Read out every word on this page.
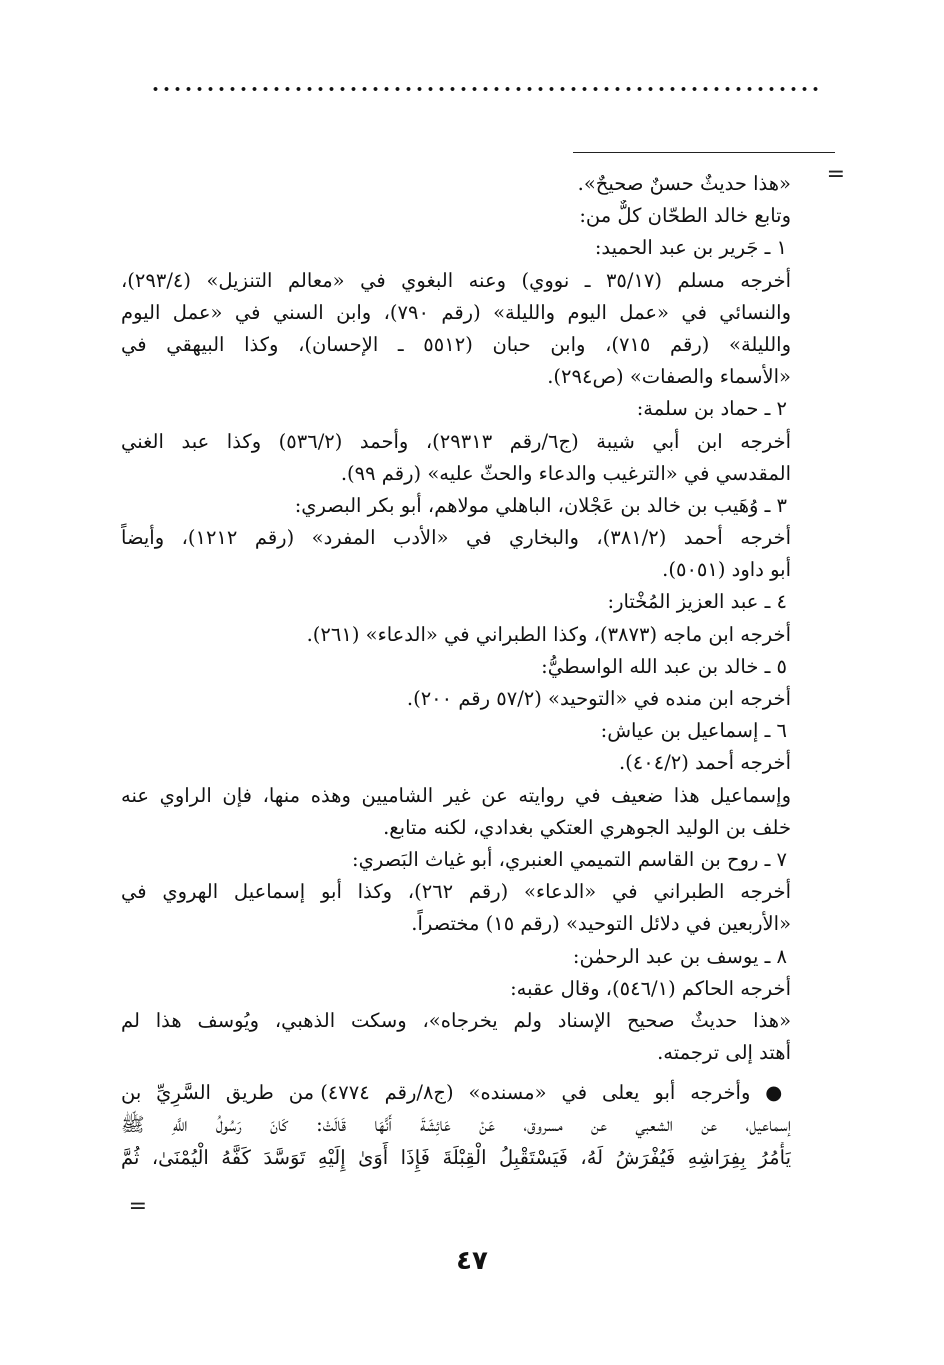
=
=
«هذا حديثٌ حسنٌ صحيحٌ».
وتابع خالد الطحّان كلٌّ من:
١ ـ جَرير بن عبد الحميد:
أخرجه مسلم (٣٥/١٧ ـ نووي) وعنه البغوي في «معالم التنزيل» (٢٩٣/٤)،
والنسائي في «عمل اليوم والليلة» (رقم ٧٩٠)، وابن السني في «عمل اليوم
والليلة» (رقم ٧١٥)، وابن حبان (٥٥١٢ ـ الإحسان)، وكذا البيهقي في
«الأسماء والصفات» (ص٢٩٤).
٢ ـ حماد بن سلمة:
أخرجه ابن أبي شيبة (ج٦/رقم ٢٩٣١٣)، وأحمد (٥٣٦/٢) وكذا عبد الغني
المقدسي في «الترغيب والدعاء والحثّ عليه» (رقم ٩٩).
٣ ـ وُهَيب بن خالد بن عَجْلان، الباهلي مولاهم، أبو بكر البصري:
أخرجه أحمد (٣٨١/٢)، والبخاري في «الأدب المفرد» (رقم ١٢١٢)، وأيضاً
أبو داود (٥٠٥١).
٤ ـ عبد العزيز المُخْتار:
أخرجه ابن ماجه (٣٨٧٣)، وكذا الطبراني في «الدعاء» (٢٦١).
٥ ـ خالد بن عبد الله الواسطيُّ:
أخرجه ابن منده في «التوحيد» (٥٧/٢ رقم ٢٠٠).
٦ ـ إسماعيل بن عياش:
أخرجه أحمد (٤٠٤/٢).
وإسماعيل هذا ضعيف في روايته عن غير الشاميين وهذه منها، فإن الراوي عنه
خلف بن الوليد الجوهري العتكي بغدادي، لكنه متابع.
٧ ـ روح بن القاسم التميمي العنبري، أبو غياث البَصري:
أخرجه الطبراني في «الدعاء» (رقم ٢٦٢)، وكذا أبو إسماعيل الهروي في
«الأربعين في دلائل التوحيد» (رقم ١٥) مختصراً.
٨ ـ يوسف بن عبد الرحمٰن:
أخرجه الحاكم (٥٤٦/١)، وقال عقبه:
«هذا حديثٌ صحيح الإسناد ولم يخرجاه»، وسكت الذهبي، ويُوسف هذا لم
أهتد إلى ترجمته.
● وأخرجه أبو يعلى في «مسنده» (ج٨/رقم ٤٧٧٤) من طريق السَّرِيِّ بن
إسماعيل، عن الشعبي عن مسروق، عَنْ عَائِشَةَ أَنَّهَا قَالَتْ: كَانَ رَسُولُ اللَّهِ ﷺ
يَأْمُرُ بِفِرَاشِهِ فَيُفْرَشُ لَهُ، فَيَسْتَقْبِلُ الْقِبْلَةَ فَإِذَا أَوَىٰ إِلَيْهِ تَوَسَّدَ كَفَّهُ الْيُمْنَىٰ، ثُمَّ
٤٧
